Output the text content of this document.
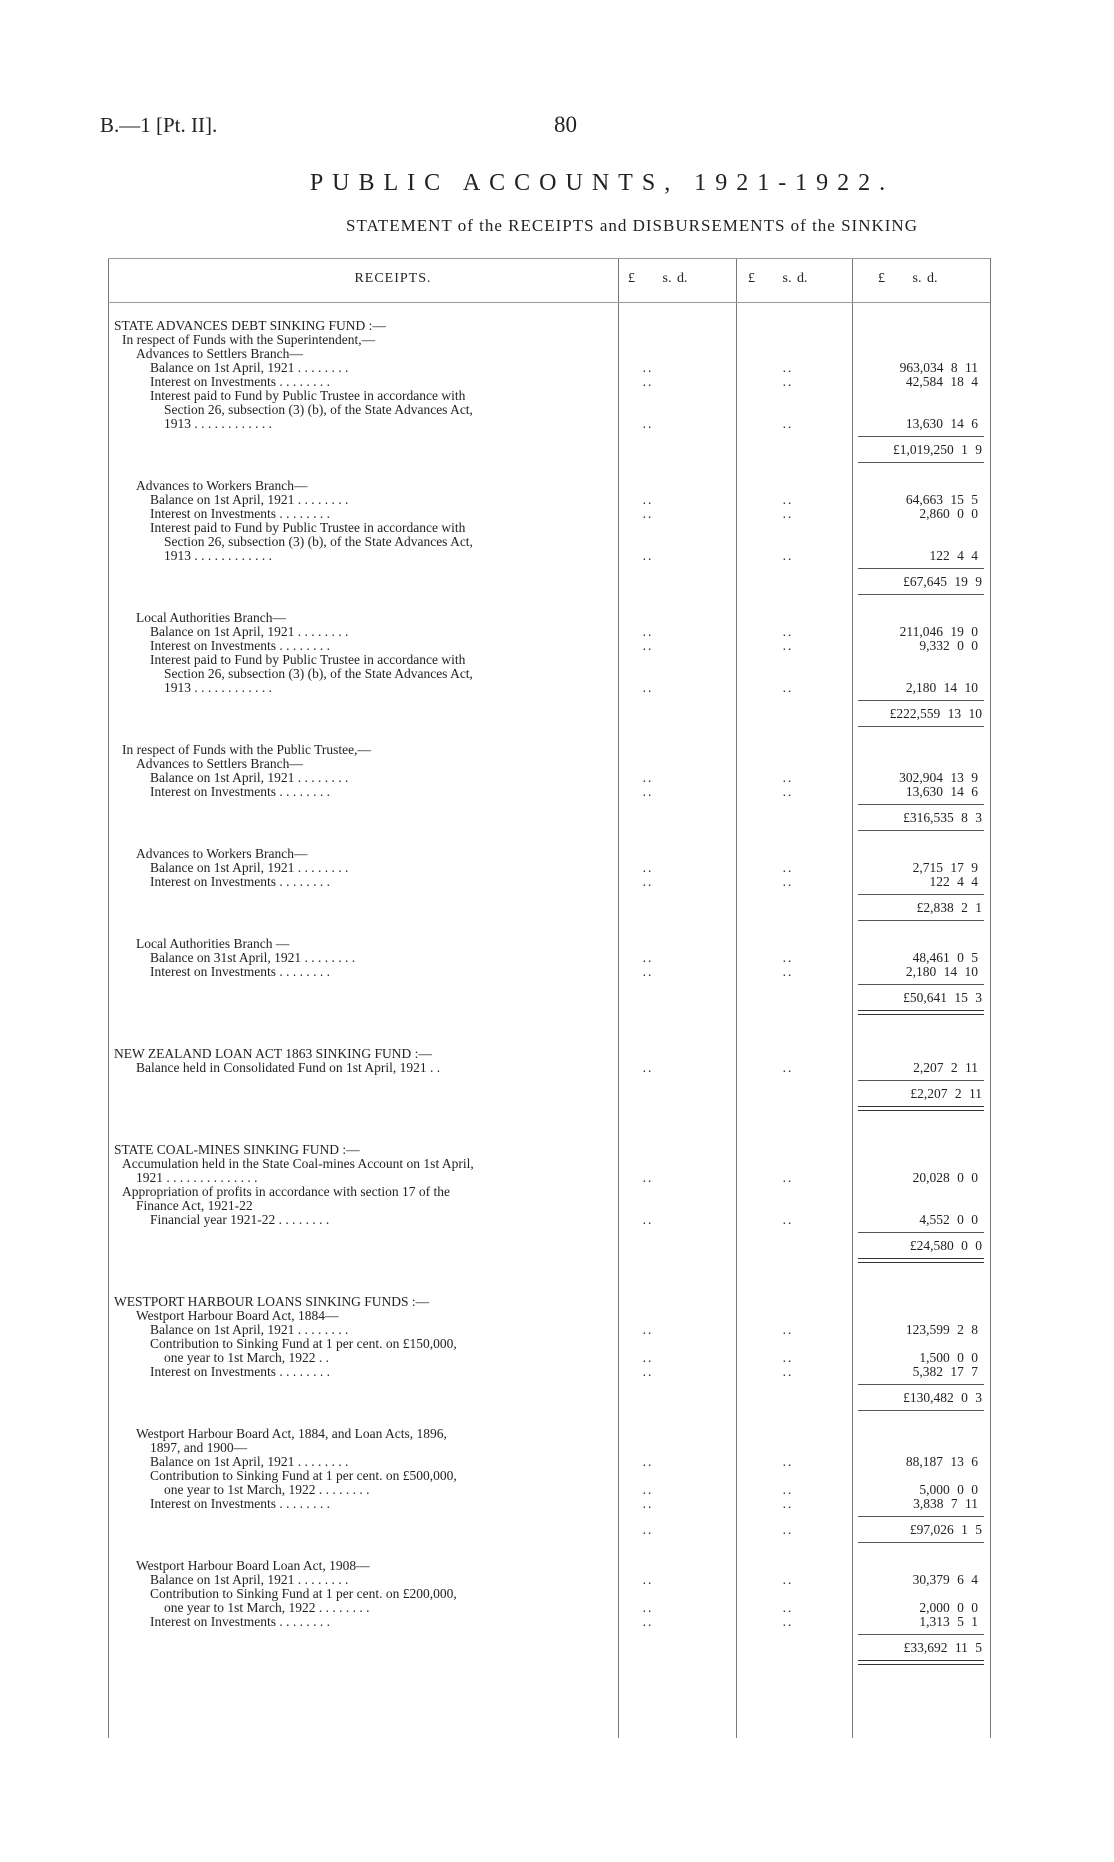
B.—1 [Pt. II].	80
PUBLIC ACCOUNTS, 1921-1922.
STATEMENT of the RECEIPTS and DISBURSEMENTS of the SINKING
RECEIPTS.	£     s. d.	£     s. d.	£     s. d.
STATE ADVANCES DEBT SINKING FUND :—
In respect of Funds with the Superintendent,—
Advances to Settlers Branch—
Balance on 1st April, 1921 . . . . . . . .	..	..	963,034 8 11
Interest on Investments . . . . . . . .	..	..	42,584 18 4
Interest paid to Fund by Public Trustee in accordance with
Section 26, subsection (3) (b), of the State Advances Act,
1913 . . . . . . . . . . . .	..	..	13,630 14 6
£1,019,250 1 9
Advances to Workers Branch—
Balance on 1st April, 1921 . . . . . . . .	..	..	64,663 15 5
Interest on Investments . . . . . . . .	..	..	2,860 0 0
Interest paid to Fund by Public Trustee in accordance with
Section 26, subsection (3) (b), of the State Advances Act,
1913 . . . . . . . . . . . .	..	..	122 4 4
£67,645 19 9
Local Authorities Branch—
Balance on 1st April, 1921 . . . . . . . .	..	..	211,046 19 0
Interest on Investments . . . . . . . .	..	..	9,332 0 0
Interest paid to Fund by Public Trustee in accordance with
Section 26, subsection (3) (b), of the State Advances Act,
1913 . . . . . . . . . . . .	..	..	2,180 14 10
£222,559 13 10
In respect of Funds with the Public Trustee,—
Advances to Settlers Branch—
Balance on 1st April, 1921 . . . . . . . .	..	..	302,904 13 9
Interest on Investments . . . . . . . .	..	..	13,630 14 6
£316,535 8 3
Advances to Workers Branch—
Balance on 1st April, 1921 . . . . . . . .	..	..	2,715 17 9
Interest on Investments . . . . . . . .	..	..	122 4 4
£2,838 2 1
Local Authorities Branch —
Balance on 31st April, 1921 . . . . . . . .	..	..	48,461 0 5
Interest on Investments . . . . . . . .	..	..	2,180 14 10
£50,641 15 3
NEW ZEALAND LOAN ACT 1863 SINKING FUND :—
Balance held in Consolidated Fund on 1st April, 1921 . .	..	..	2,207 2 11
£2,207 2 11
STATE COAL-MINES SINKING FUND :—
Accumulation held in the State Coal-mines Account on 1st April,
1921 . . . . . . . . . . . . . .	..	..	20,028 0 0
Appropriation of profits in accordance with section 17 of the
Finance Act, 1921-22
Financial year 1921-22 . . . . . . . .	..	..	4,552 0 0
£24,580 0 0
WESTPORT HARBOUR LOANS SINKING FUNDS :—
Westport Harbour Board Act, 1884—
Balance on 1st April, 1921 . . . . . . . .	..	..	123,599 2 8
Contribution to Sinking Fund at 1 per cent. on £150,000,
one year to 1st March, 1922 . .	..	..	1,500 0 0
Interest on Investments . . . . . . . .	..	..	5,382 17 7
£130,482 0 3
Westport Harbour Board Act, 1884, and Loan Acts, 1896,
1897, and 1900—
Balance on 1st April, 1921 . . . . . . . .	..	..	88,187 13 6
Contribution to Sinking Fund at 1 per cent. on £500,000,
one year to 1st March, 1922 . . . . . . . .	..	..	5,000 0 0
Interest on Investments . . . . . . . .	..	..	3,838 7 11
..	..	£97,026 1 5
Westport Harbour Board Loan Act, 1908—
Balance on 1st April, 1921 . . . . . . . .	..	..	30,379 6 4
Contribution to Sinking Fund at 1 per cent. on £200,000,
one year to 1st March, 1922 . . . . . . . .	..	..	2,000 0 0
Interest on Investments . . . . . . . .	..	..	1,313 5 1
£33,692 11 5
